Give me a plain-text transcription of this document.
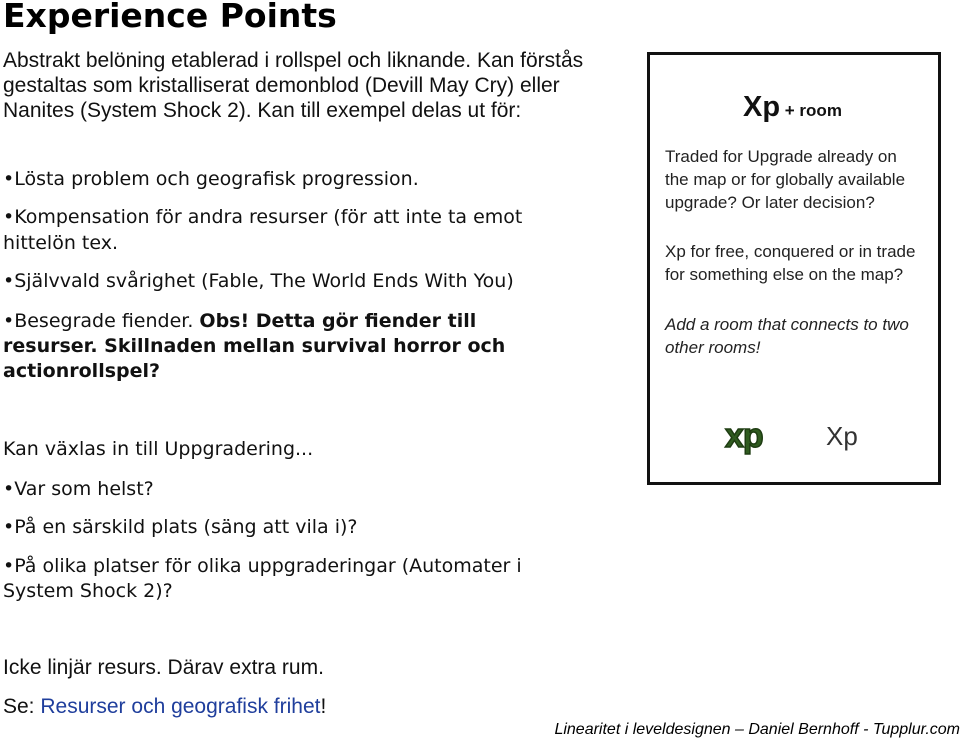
Experience Points
Abstrakt belöning etablerad i rollspel och liknande. Kan förstås gestaltas som kristalliserat demonblod (Devill May Cry) eller Nanites (System Shock 2). Kan till exempel delas ut för:
•Lösta problem och geografisk progression.
•Kompensation för andra resurser (för att inte ta emot
hittelön tex.
•Självvald svårighet (Fable, The World Ends With You)
•Besegrade fiender. Obs! Detta gör fiender till
resurser. Skillnaden mellan survival horror och
actionrollspel?
Kan växlas in till Uppgradering...
•Var som helst?
•På en särskild plats (säng att vila i)?
•På olika platser för olika uppgraderingar (Automater i
System Shock 2)?
Icke linjär resurs. Därav extra rum.
Se: Resurser och geografisk frihet!
Linearitet i leveldesignen – Daniel Bernhoff - Tupplur.com
Xp + room
Traded for Upgrade already on
the map or for globally available
upgrade? Or later decision?
Xp for free, conquered or in trade
for something else on the map?
Add a room that connects to two
other rooms!
xp Xp
